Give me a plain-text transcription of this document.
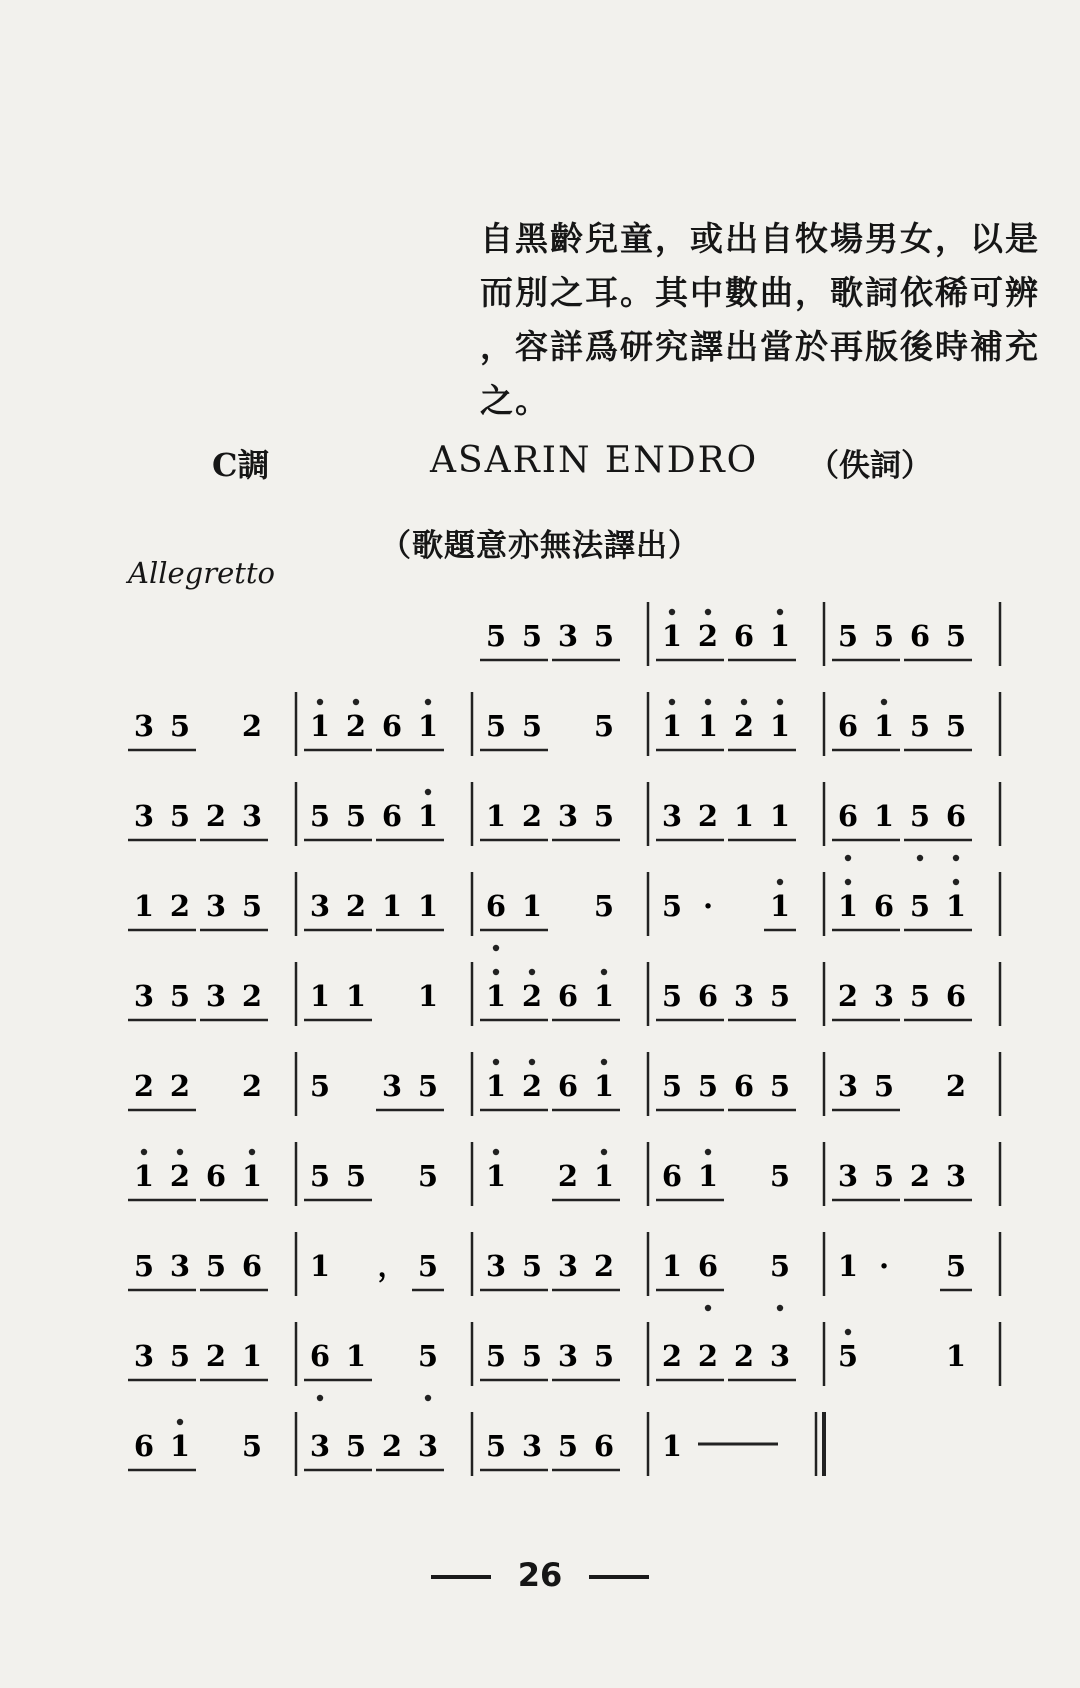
自黑齡兒童，或出自牧場男女，以是
而別之耳。其中數曲，歌詞依稀可辨
，容詳爲研究譯出當於再版後時補充
之。
C調	ASARIN ENDRO （佚詞）
（歌題意亦無法譯出）
Allegretto
5 5 3 5 1 2 6 1 5 5 6 5
3 5 2 1 2 6 1 5 5 5 1 1 2 1 6 1 5 5
3 5 2 3 5 5 6 1 1 2 3 5 3 2 1 1 6 1 5 6
1 2 3 5 3 2 1 1 6 1 5 5 · 1 1 6 5 1
3 5 3 2 1 1 1 1 2 6 1 5 6 3 5 2 3 5 6
2 2 2 5 3 5 1 2 6 1 5 5 6 5 3 5 2
1 2 6 1 5 5 5 1 2 1 6 1 5 3 5 2 3
5 3 5 6 1 ， 5 3 5 3 2 1 6 5 1 · 5
3 5 2 1 6 1 5 5 5 3 5 2 2 2 3 5	1
6 1 5 3 5 2 3 5 3 5 6 1
26
